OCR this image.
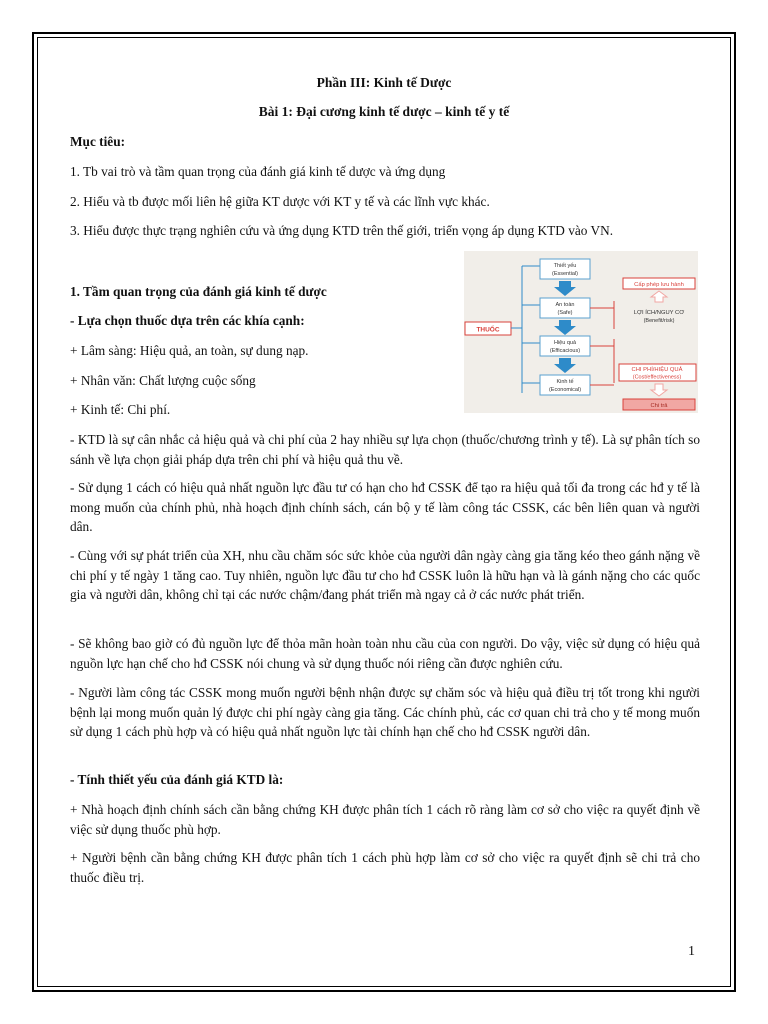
Phần III: Kinh tế Dược
Bài 1: Đại cương kinh tế dược – kinh tế y tế
Mục tiêu:
1. Tb vai trò và tầm quan trọng của đánh giá kinh tế dược và ứng dụng
2. Hiểu và tb được mối liên hệ giữa KT dược với KT y tế và các lĩnh vực khác.
3. Hiểu được thực trạng nghiên cứu và ứng dụng KTD trên thế giới, triển vọng áp dụng KTD vào VN.
1. Tầm quan trọng của đánh giá kinh tế dược
- Lựa chọn thuốc dựa trên các khía cạnh:
+ Lâm sàng: Hiệu quả, an toàn, sự dung nạp.
+ Nhân văn: Chất lượng cuộc sống
+ Kinh tế: Chi phí.
THUỐC
Thiết yếu
(Essential)
An toàn
(Safe)
Hiệu quả
(Efficacious)
Kinh tế
(Economical)
Cấp phép lưu hành
LỢI ÍCH/NGUY CƠ
(Benefit/risk)
CHI PHÍ/HIỆU QUẢ
(Cost/effectiveness)
Chi trả
- KTD là sự cân nhắc cả hiệu quả và chi phí của 2 hay nhiều sự lựa chọn (thuốc/chương trình y tế). Là sự phân tích so sánh về lựa chọn giải pháp dựa trên chi phí và hiệu quả thu về.
- Sử dụng 1 cách có hiệu quả nhất nguồn lực đầu tư có hạn cho hđ CSSK để tạo ra hiệu quả tối đa trong các hđ y tế là mong muốn của chính phủ, nhà hoạch định chính sách, cán bộ y tế làm công tác CSSK, các bên liên quan và người dân.
- Cùng với sự phát triển của XH, nhu cầu chăm sóc sức khỏe của người dân ngày càng gia tăng kéo theo gánh nặng về chi phí y tế ngày 1 tăng cao. Tuy nhiên, nguồn lực đầu tư cho hđ CSSK luôn là hữu hạn và là gánh nặng cho các quốc gia và người dân, không chỉ tại các nước chậm/đang phát triển mà ngay cả ở các nước phát triển.
- Sẽ không bao giờ có đủ nguồn lực để thỏa mãn hoàn toàn nhu cầu của con người. Do vậy, việc sử dụng có hiệu quả nguồn lực hạn chế cho hđ CSSK nói chung và sử dụng thuốc nói riêng cần được nghiên cứu.
- Người làm công tác CSSK mong muốn người bệnh nhận được sự chăm sóc và hiệu quả điều trị tốt trong khi người bệnh lại mong muốn quản lý được chi phí ngày càng gia tăng. Các chính phủ, các cơ quan chi trả cho y tế mong muốn sử dụng 1 cách phù hợp và có hiệu quả nhất nguồn lực tài chính hạn chế cho hđ CSSK người dân.
- Tính thiết yếu của đánh giá KTD là:
+ Nhà hoạch định chính sách cần bằng chứng KH được phân tích 1 cách rõ ràng làm cơ sở cho việc ra quyết định về việc sử dụng thuốc phù hợp.
+ Người bệnh cần bằng chứng KH được phân tích 1 cách phù hợp làm cơ sở cho việc ra quyết định sẽ chi trả cho thuốc điều trị.
1
